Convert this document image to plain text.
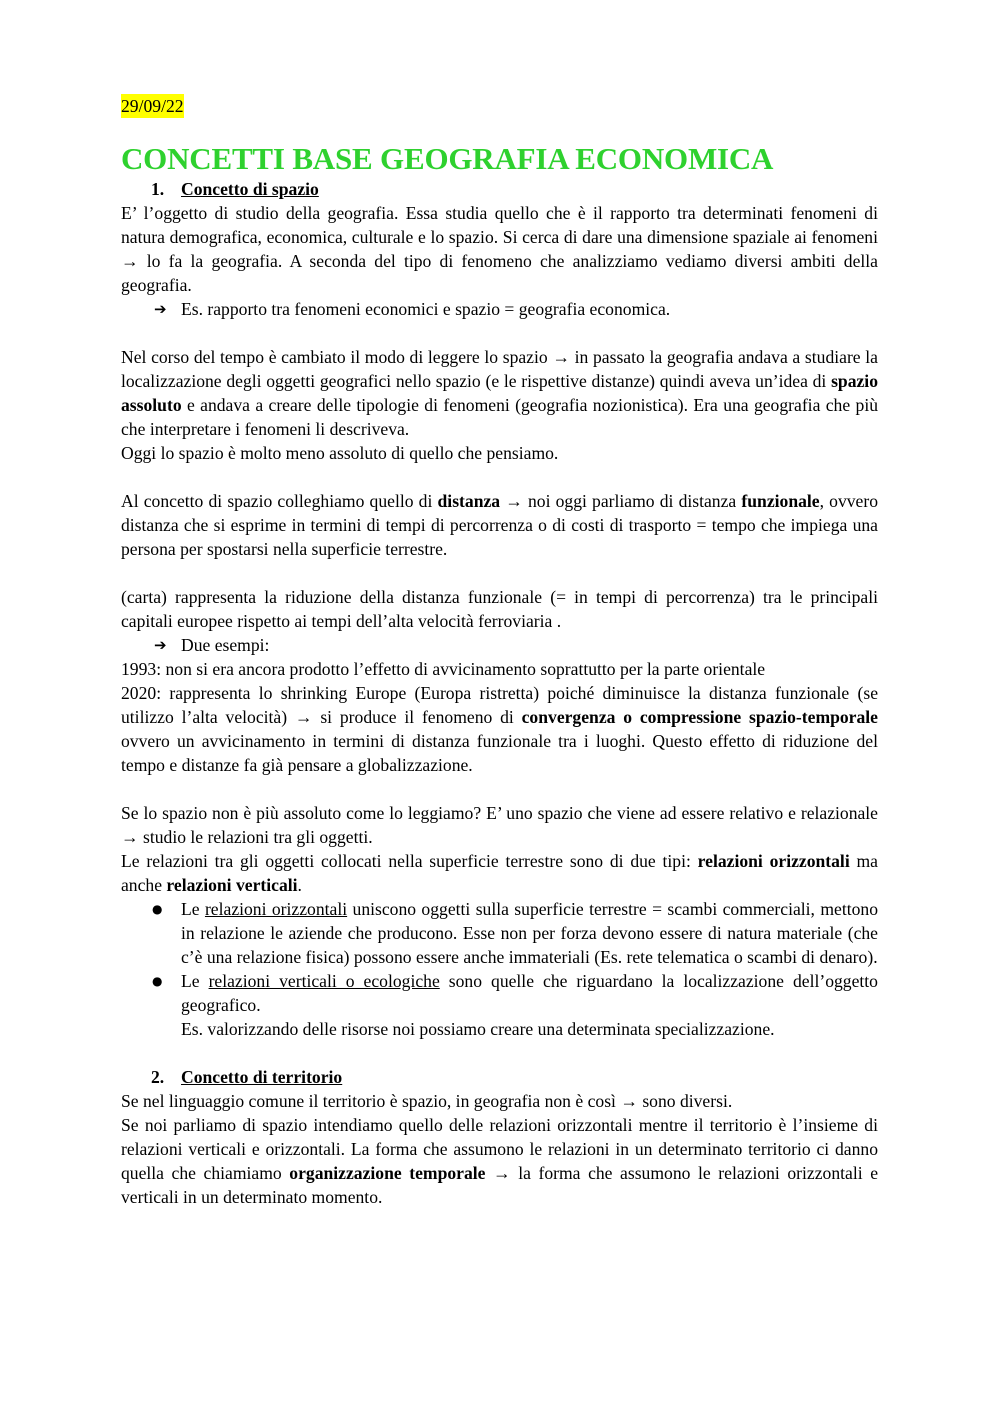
29/09/22
CONCETTI BASE GEOGRAFIA ECONOMICA
1. Concetto di spazio

E’ l’oggetto di studio della geografia. Essa studia quello che è il rapporto tra determinati fenomeni di natura demografica, economica, culturale e lo spazio. Si cerca di dare una dimensione spaziale ai fenomeni → lo fa la geografia. A seconda del tipo di fenomeno che analizziamo vediamo diversi ambiti della geografia.

➔ Es. rapporto tra fenomeni economici e spazio = geografia economica.

Nel corso del tempo è cambiato il modo di leggere lo spazio → in passato la geografia andava a studiare la localizzazione degli oggetti geografici nello spazio (e le rispettive distanze) quindi aveva un’idea di spazio assoluto e andava a creare delle tipologie di fenomeni (geografia nozionistica). Era una geografia che più che interpretare i fenomeni li descriveva.

Oggi lo spazio è molto meno assoluto di quello che pensiamo.

Al concetto di spazio colleghiamo quello di distanza → noi oggi parliamo di distanza funzionale, ovvero distanza che si esprime in termini di tempi di percorrenza o di costi di trasporto = tempo che impiega una persona per spostarsi nella superficie terrestre.

(carta) rappresenta la riduzione della distanza funzionale (= in tempi di percorrenza) tra le principali capitali europee rispetto ai tempi dell’alta velocità ferroviaria .

➔ Due esempi:

1993: non si era ancora prodotto l’effetto di avvicinamento soprattutto per la parte orientale

2020: rappresenta lo shrinking Europe (Europa ristretta) poiché diminuisce la distanza funzionale (se utilizzo l’alta velocità) → si produce il fenomeno di convergenza o compressione spazio-temporale ovvero un avvicinamento in termini di distanza funzionale tra i luoghi. Questo effetto di riduzione del tempo e distanze fa già pensare a globalizzazione.

Se lo spazio non è più assoluto come lo leggiamo? E’ uno spazio che viene ad essere relativo e relazionale → studio le relazioni tra gli oggetti.

Le relazioni tra gli oggetti collocati nella superficie terrestre sono di due tipi: relazioni orizzontali ma anche relazioni verticali.

●	Le relazioni orizzontali uniscono oggetti sulla superficie terrestre = scambi commerciali, mettono in relazione le aziende che producono. Esse non per forza devono essere di natura materiale (che c’è una relazione fisica) possono essere anche immateriali (Es. rete telematica o scambi di denaro).
●	Le relazioni verticali o ecologiche sono quelle che riguardano la localizzazione dell’oggetto geografico.
Es. valorizzando delle risorse noi possiamo creare una determinata specializzazione.
2. Concetto di territorio

Se nel linguaggio comune il territorio è spazio, in geografia non è così → sono diversi.

Se noi parliamo di spazio intendiamo quello delle relazioni orizzontali mentre il territorio è l’insieme di relazioni verticali e orizzontali. La forma che assumono le relazioni in un determinato territorio ci danno quella che chiamiamo organizzazione temporale → la forma che assumono le relazioni orizzontali e verticali in un determinato momento.
